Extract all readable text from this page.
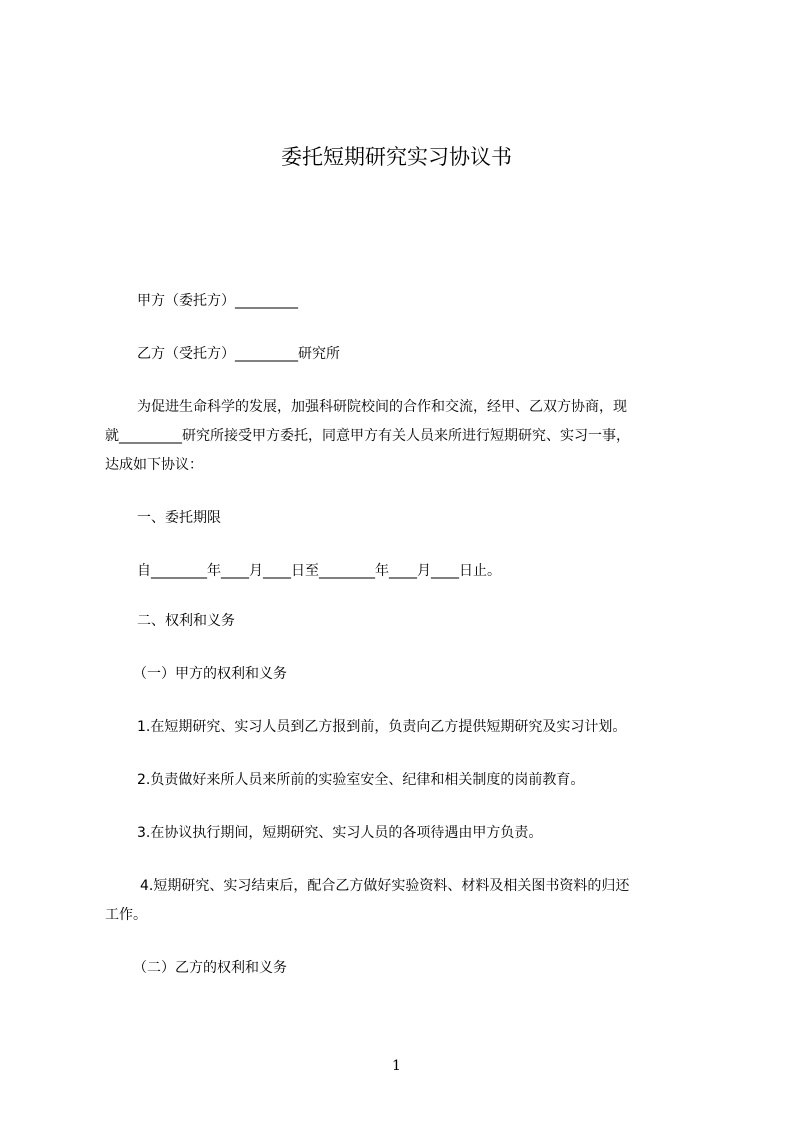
委托短期研究实习协议书
甲方（委托方）_________
乙方（受托方）_________研究所
为促进生命科学的发展，加强科研院校间的合作和交流，经甲、乙双方协商，现
就_________研究所接受甲方委托，同意甲方有关人员来所进行短期研究、实习一事，
达成如下协议：
一、委托期限
自________年____月____日至________年____月____日止。
二、权利和义务
（一）甲方的权利和义务
1.在短期研究、实习人员到乙方报到前，负责向乙方提供短期研究及实习计划。
2.负责做好来所人员来所前的实验室安全、纪律和相关制度的岗前教育。
3.在协议执行期间，短期研究、实习人员的各项待遇由甲方负责。
4.短期研究、实习结束后，配合乙方做好实验资料、材料及相关图书资料的归还
工作。
（二）乙方的权利和义务
1
